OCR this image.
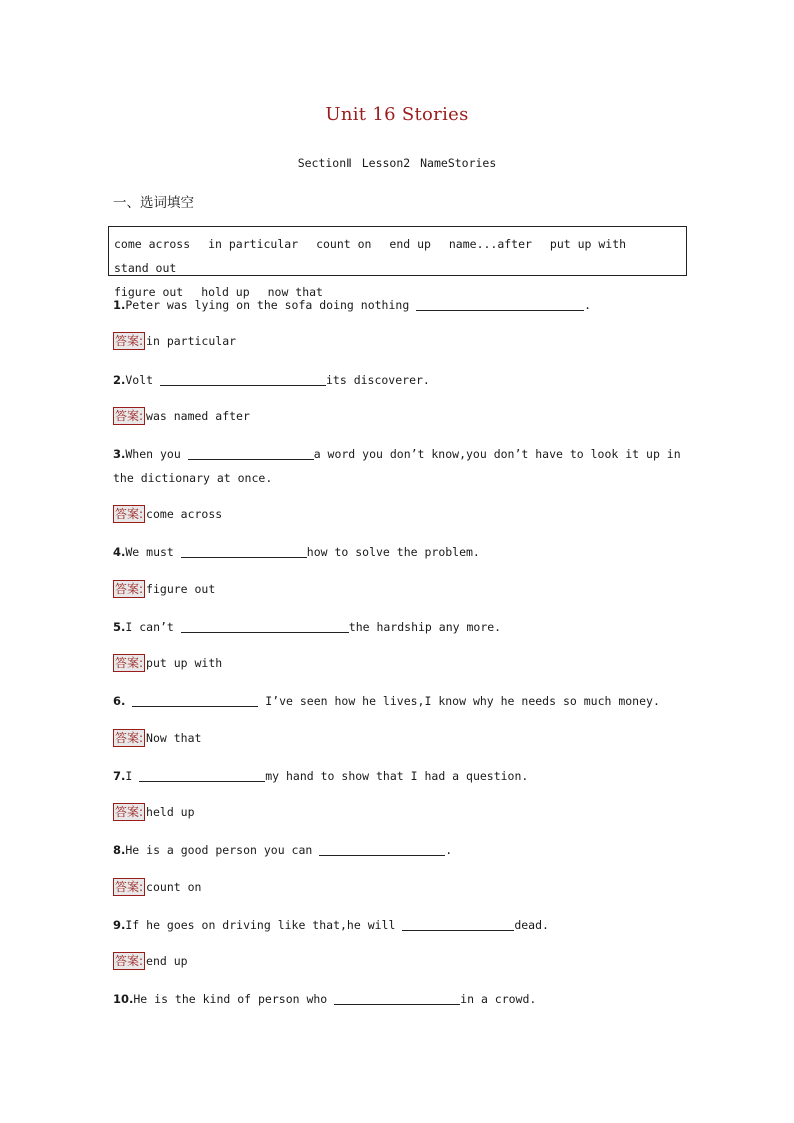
Unit 16 Stories
SectionⅡ Lesson2 NameStories
一、选词填空
come across in particular count on end up name...after put up with stand out
figure out hold up now that
1.Peter was lying on the sofa doing nothing	.
答案: in particular
2.Volt	its discoverer.
答案: was named after
3.When you	a word you don’t know,you don’t have to look it up in the dictionary at once.
答案: come across
4.We must	how to solve the problem.
答案: figure out
5.I can’t	the hardship any more.
答案: put up with
6.	I’ve seen how he lives,I know why he needs so much money.
答案: Now that
7.I	my hand to show that I had a question.
答案: held up
8.He is a good person you can	.
答案: count on
9.If he goes on driving like that,he will	dead.
答案: end up
10.He is the kind of person who	in a crowd.
